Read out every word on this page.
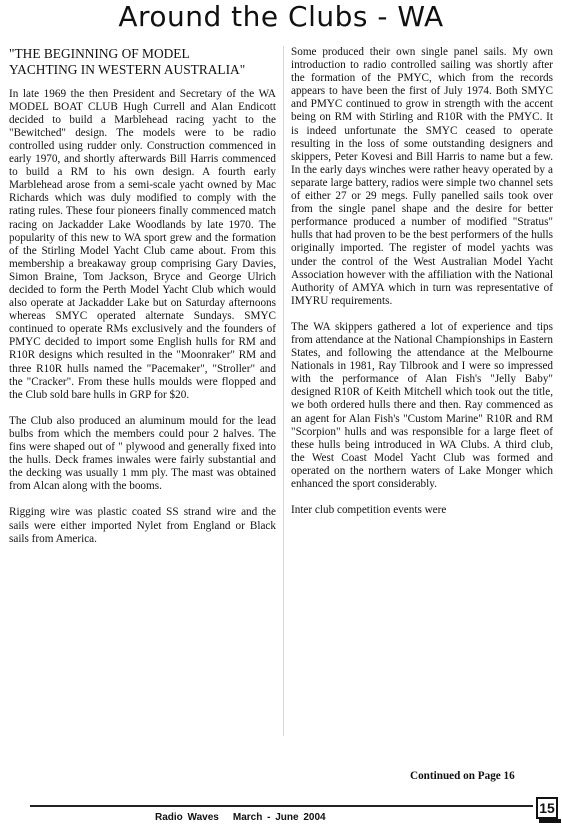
Around the Clubs - WA
"THE BEGINNING OF MODEL YACHTING IN WESTERN AUSTRALIA"

In late 1969 the then President and Secretary of the WA MODEL BOAT CLUB Hugh Currell and Alan Endicott decided to build a Marblehead racing yacht to the "Bewitched" design. The models were to be radio controlled using rudder only. Construction commenced in early 1970, and shortly afterwards Bill Harris commenced to build a RM to his own design. A fourth early Marblehead arose from a semi-scale yacht owned by Mac Richards which was duly modified to comply with the rating rules. These four pioneers finally commenced match racing on Jackadder Lake Woodlands by late 1970. The popularity of this new to WA sport grew and the formation of the Stirling Model Yacht Club came about. From this membership a breakaway group comprising Gary Davies, Simon Braine, Tom Jackson, Bryce and George Ulrich decided to form the Perth Model Yacht Club which would also operate at Jackadder Lake but on Saturday afternoons whereas SMYC operated alternate Sundays. SMYC continued to operate RMs exclusively and the founders of PMYC decided to import some English hulls for RM and R10R designs which resulted in the "Moonraker" RM and three R10R hulls named the "Pacemaker", "Stroller" and the "Cracker". From these hulls moulds were flopped and the Club sold bare hulls in GRP for $20.

The Club also produced an aluminum mould for the lead bulbs from which the members could pour 2 halves. The fins were shaped out of " plywood and generally fixed into the hulls. Deck frames inwales were fairly substantial and the decking was usually 1 mm ply. The mast was obtained from Alcan along with the booms.

Rigging wire was plastic coated SS strand wire and the sails were either imported Nylet from England or Black sails from America.

Some produced their own single panel sails. My own introduction to radio controlled sailing was shortly after the formation of the PMYC, which from the records appears to have been the first of July 1974. Both SMYC and PMYC continued to grow in strength with the accent being on RM with Stirling and R10R with the PMYC. It is indeed unfortunate the SMYC ceased to operate resulting in the loss of some outstanding designers and skippers, Peter Kovesi and Bill Harris to name but a few. In the early days winches were rather heavy operated by a separate large battery, radios were simple two channel sets of either 27 or 29 megs. Fully panelled sails took over from the single panel shape and the desire for better performance produced a number of modified "Stratus" hulls that had proven to be the best performers of the hulls originally imported. The register of model yachts was under the control of the West Australian Model Yacht Association however with the affiliation with the National Authority of AMYA which in turn was representative of IMYRU requirements.

The WA skippers gathered a lot of experience and tips from attendance at the National Championships in Eastern States, and following the attendance at the Melbourne Nationals in 1981, Ray Tilbrook and I were so impressed with the performance of Alan Fish's "Jelly Baby" designed R10R of Keith Mitchell which took out the title, we both ordered hulls there and then. Ray commenced as an agent for Alan Fish's "Custom Marine" R10R and RM "Scorpion" hulls and was responsible for a large fleet of these hulls being introduced in WA Clubs. A third club, the West Coast Model Yacht Club was formed and operated on the northern waters of Lake Monger which enhanced the sport considerably.

Inter club competition events were

Continued on Page 16
Radio Waves March - June 2004
15
